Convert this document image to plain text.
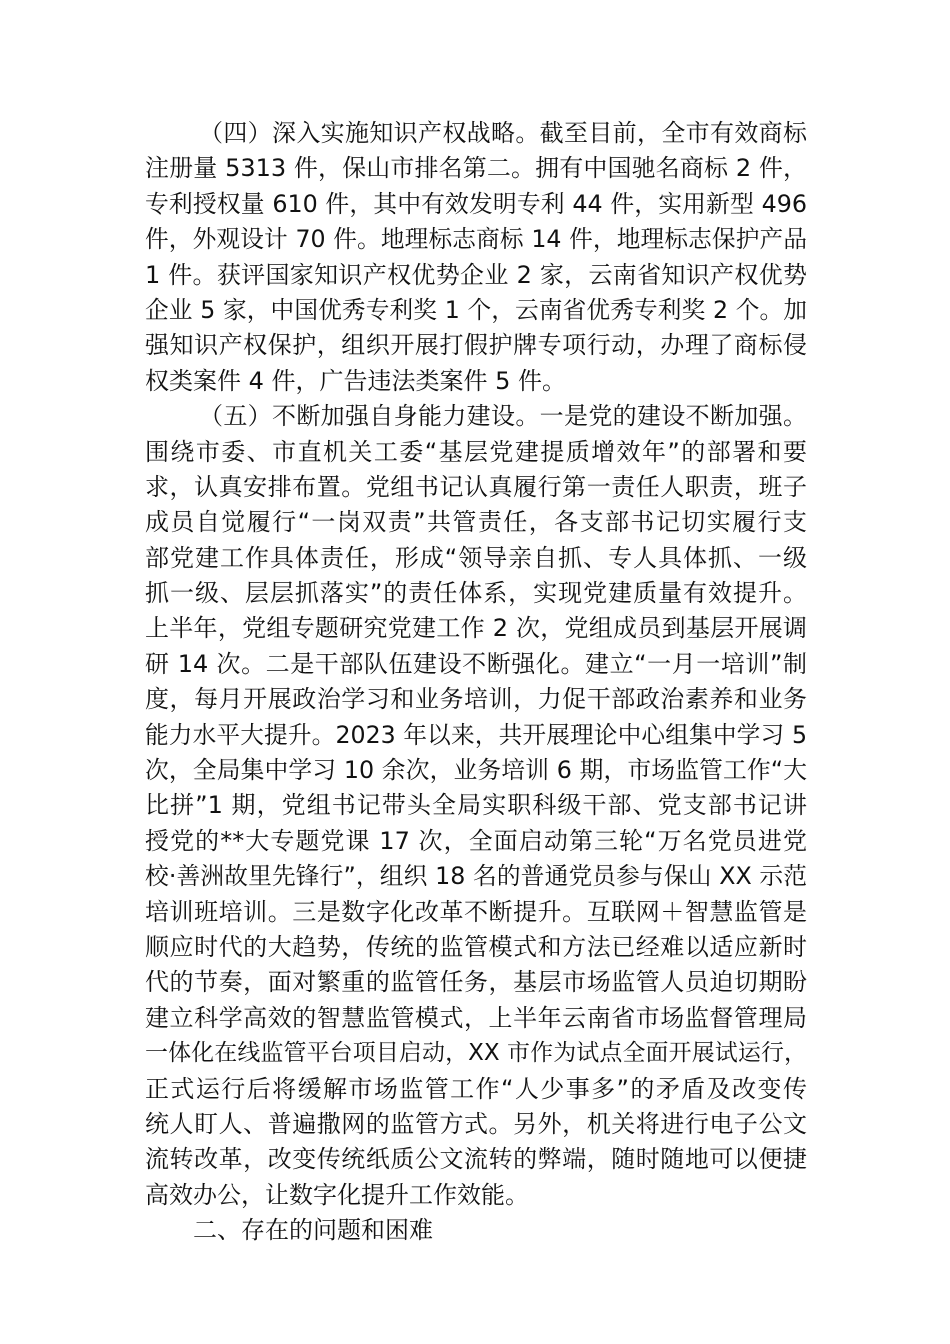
（四）深入实施知识产权战略。截至目前，全市有效商标
注册量 5313 件，保山市排名第二。拥有中国驰名商标 2 件，
专利授权量 610 件，其中有效发明专利 44 件，实用新型 496
件，外观设计 70 件。地理标志商标 14 件，地理标志保护产品
1 件。获评国家知识产权优势企业 2 家，云南省知识产权优势
企业 5 家，中国优秀专利奖 1 个，云南省优秀专利奖 2 个。加
强知识产权保护，组织开展打假护牌专项行动，办理了商标侵
权类案件 4 件，广告违法类案件 5 件。
（五）不断加强自身能力建设。一是党的建设不断加强。
围绕市委、市直机关工委“基层党建提质增效年”的部署和要
求，认真安排布置。党组书记认真履行第一责任人职责，班子
成员自觉履行“一岗双责”共管责任，各支部书记切实履行支
部党建工作具体责任，形成“领导亲自抓、专人具体抓、一级
抓一级、层层抓落实”的责任体系，实现党建质量有效提升。
上半年，党组专题研究党建工作 2 次，党组成员到基层开展调
研 14 次。二是干部队伍建设不断强化。建立“一月一培训”制
度，每月开展政治学习和业务培训，力促干部政治素养和业务
能力水平大提升。2023 年以来，共开展理论中心组集中学习 5
次，全局集中学习 10 余次，业务培训 6 期，市场监管工作“大
比拼”1 期，党组书记带头全局实职科级干部、党支部书记讲
授党的**大专题党课 17 次，全面启动第三轮“万名党员进党
校·善洲故里先锋行”，组织 18 名的普通党员参与保山 XX 示范
培训班培训。三是数字化改革不断提升。互联网＋智慧监管是
顺应时代的大趋势，传统的监管模式和方法已经难以适应新时
代的节奏，面对繁重的监管任务，基层市场监管人员迫切期盼
建立科学高效的智慧监管模式，上半年云南省市场监督管理局
一体化在线监管平台项目启动，XX 市作为试点全面开展试运行，
正式运行后将缓解市场监管工作“人少事多”的矛盾及改变传
统人盯人、普遍撒网的监管方式。另外，机关将进行电子公文
流转改革，改变传统纸质公文流转的弊端，随时随地可以便捷
高效办公，让数字化提升工作效能。
二、存在的问题和困难
